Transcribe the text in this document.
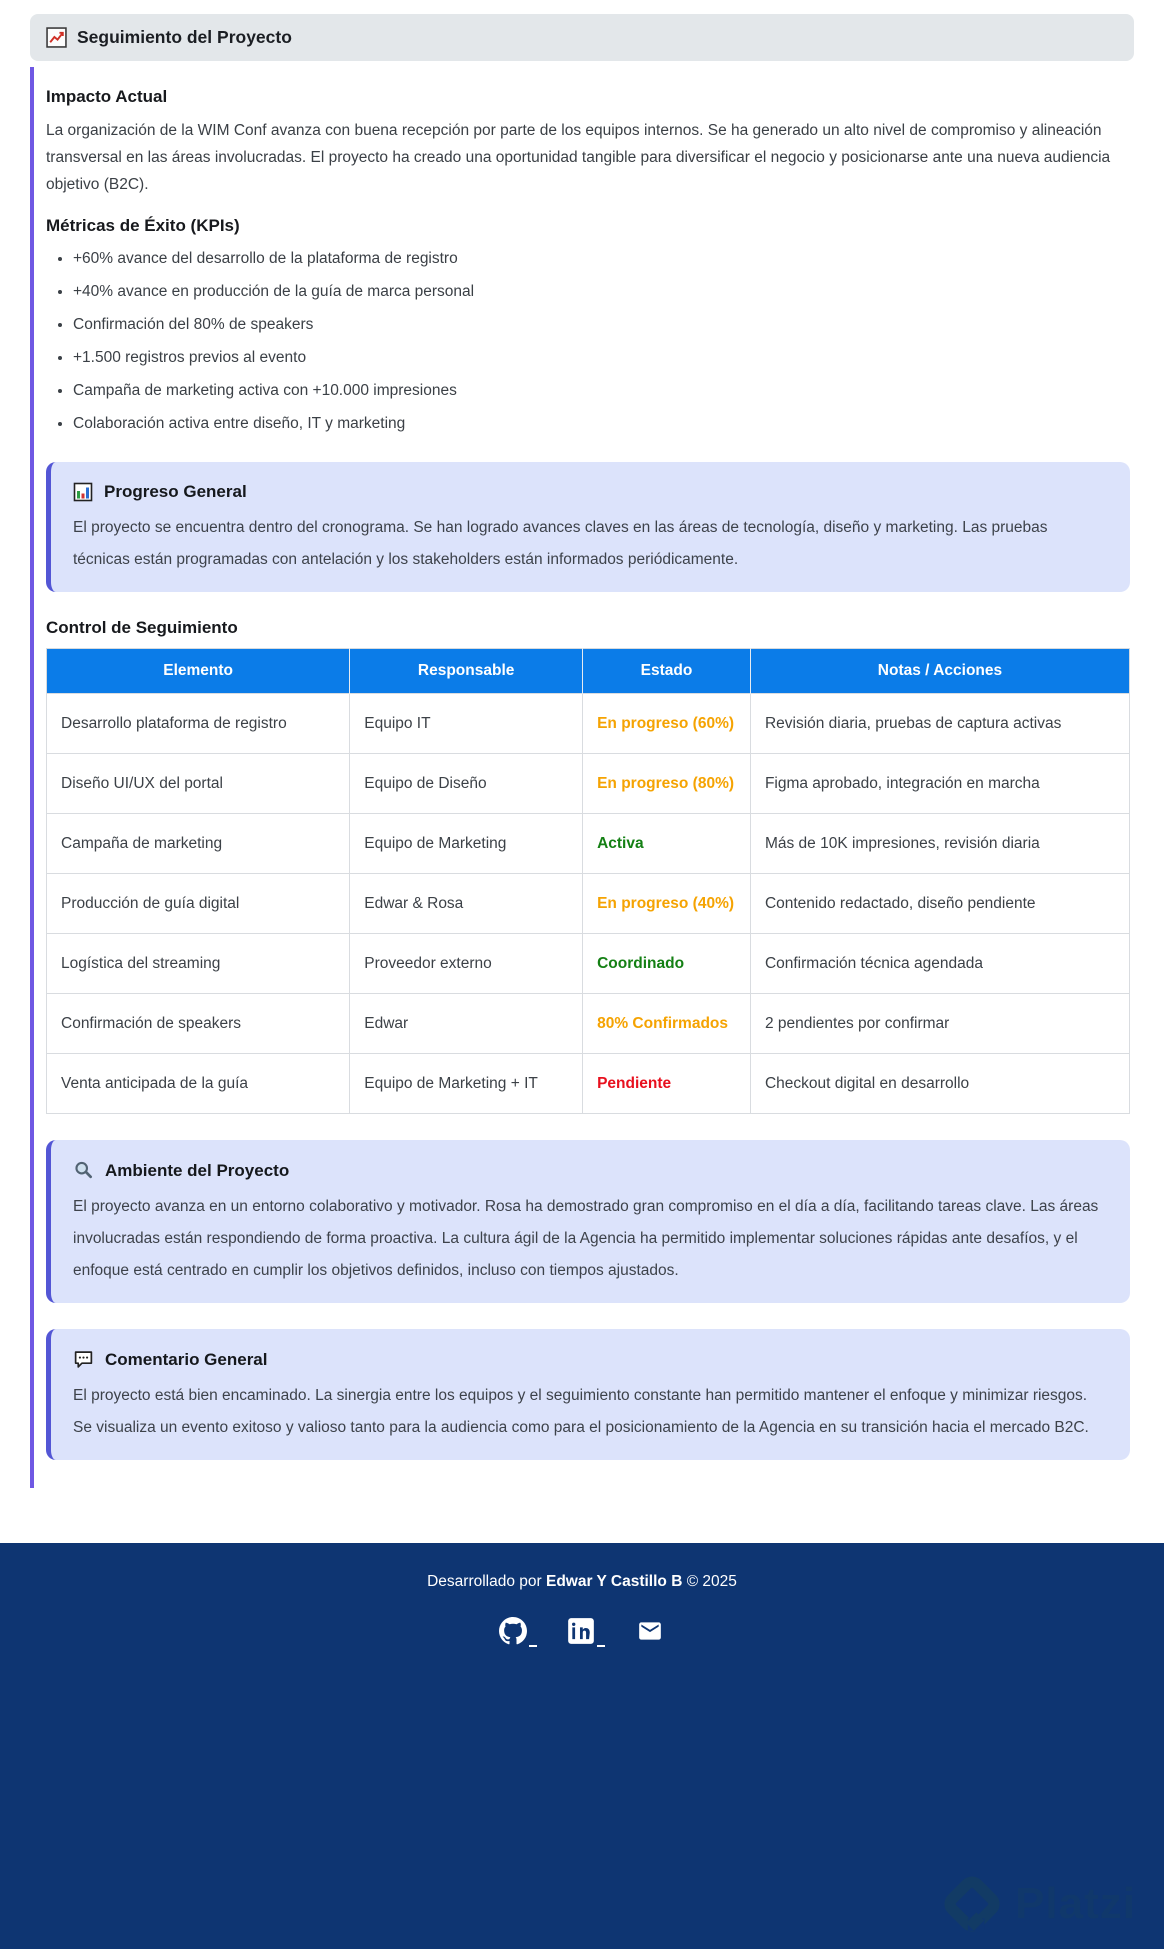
Seguimiento del Proyecto
Impacto Actual

La organización de la WIM Conf avanza con buena recepción por parte de los equipos internos. Se ha generado un alto nivel de compromiso y alineación transversal en las áreas involucradas. El proyecto ha creado una oportunidad tangible para diversificar el negocio y posicionarse ante una nueva audiencia objetivo (B2C).

Métricas de Éxito (KPIs)
• +60% avance del desarrollo de la plataforma de registro
• +40% avance en producción de la guía de marca personal
• Confirmación del 80% de speakers
• +1.500 registros previos al evento
• Campaña de marketing activa con +10.000 impresiones
• Colaboración activa entre diseño, IT y marketing
Progreso General

El proyecto se encuentra dentro del cronograma. Se han logrado avances claves en las áreas de tecnología, diseño y marketing. Las pruebas técnicas están programadas con antelación y los stakeholders están informados periódicamente.

Control de Seguimiento
Elemento	Responsable	Estado	Notas / Acciones
Desarrollo plataforma de registro	Equipo IT	En progreso (60%)	Revisión diaria, pruebas de captura activas
Diseño UI/UX del portal	Equipo de Diseño	En progreso (80%)	Figma aprobado, integración en marcha
Campaña de marketing	Equipo de Marketing	Activa	Más de 10K impresiones, revisión diaria
Producción de guía digital	Edwar & Rosa	En progreso (40%)	Contenido redactado, diseño pendiente
Logística del streaming	Proveedor externo	Coordinado	Confirmación técnica agendada
Confirmación de speakers	Edwar	80% Confirmados	2 pendientes por confirmar
Venta anticipada de la guía	Equipo de Marketing + IT	Pendiente	Checkout digital en desarrollo
Ambiente del Proyecto

El proyecto avanza en un entorno colaborativo y motivador. Rosa ha demostrado gran compromiso en el día a día, facilitando tareas clave. Las áreas involucradas están respondiendo de forma proactiva. La cultura ágil de la Agencia ha permitido implementar soluciones rápidas ante desafíos, y el enfoque está centrado en cumplir los objetivos definidos, incluso con tiempos ajustados.

Comentario General

El proyecto está bien encaminado. La sinergia entre los equipos y el seguimiento constante han permitido mantener el enfoque y minimizar riesgos. Se visualiza un evento exitoso y valioso tanto para la audiencia como para el posicionamiento de la Agencia en su transición hacia el mercado B2C.

Desarrollado por Edwar Y Castillo B © 2025
Platzi
